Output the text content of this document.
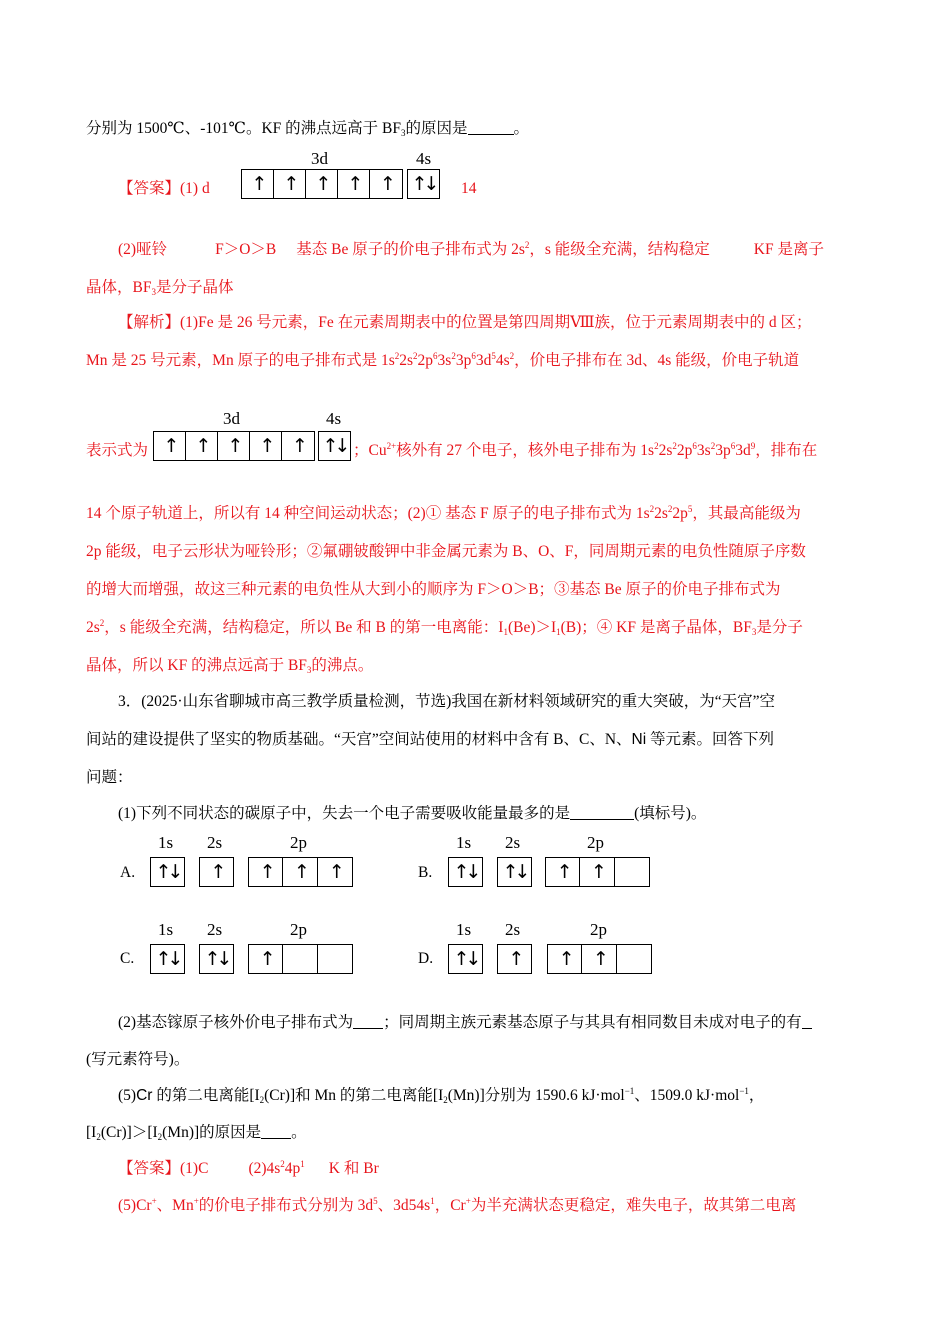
分别为 1500℃、-101℃。KF 的沸点远高于 $BF_3$的原因是	。
【答案】(1) d
3d	4s
↑	↑	↑	↑	↑	↑↓ 14
(2)哑铃	F＞O＞B 基态 Be 原子的价电子排布式为 $2s^2$，s 能级全充满，结构稳定	KF 是离子
晶体，$BF_3$是分子晶体
【解析】(1)Fe 是 26 号元素，Fe 在元素周期表中的位置是第四周期Ⅷ族，位于元素周期表中的 d 区；
Mn 是 25 号元素，Mn 原子的电子排布式是 $1s^22s^22p^63s^23p^63d^54s^2$，价电子排布在 3d、4s 能级，价电子轨道
3d	4s
表示式为 ↑	↑	↑	↑	↑ ↑↓ ；$Cu^{2+}$核外有 27 个电子，核外电子排布为 $1s^22s^22p^63s^23p^63d^9$，排布在
14 个原子轨道上，所以有 14 种空间运动状态；(2)① 基态 F 原子的电子排布式为 $1s^22s^22p^5$，其最高能级为
2p 能级，电子云形状为哑铃形；②氟硼铍酸钾中非金属元素为 B、O、F，同周期元素的电负性随原子序数
的增大而增强，故这三种元素的电负性从大到小的顺序为 F＞O＞B；③基态 Be 原子的价电子排布式为
$2s^2$，s 能级全充满，结构稳定，所以 Be 和 B 的第一电离能：$I_1(Be)>I_1(B)$；④ KF 是离子晶体，$BF_3$是分子
晶体，所以 KF 的沸点远高于 $BF_3$的沸点。
3．(2025·山东省聊城市高三教学质量检测，节选)我国在新材料领域研究的重大突破，为“天宫”空
间站的建设提供了坚实的物质基础。“天宫”空间站使用的材料中含有 B、C、N、Ni 等元素。回答下列
问题：
(1)下列不同状态的碳原子中，失去一个电子需要吸收能量最多的是	(填标号)。
1s 2s	2p
A. ↑↓	↑	↑	↑	↑
1s 2s	2p
B. ↑↓ ↑↓	↑	↑
1s 2s	2p
C. ↑↓ ↑↓	↑
1s 2s	2p
D. ↑↓	↑	↑	↑
(2)基态镓原子核外价电子排布式为 ；同周期主族元素基态原子与其具有相同数目未成对电子的有
(写元素符号)。
(5)Cr 的第二电离能$[I_2(Cr)]$和 Mn 的第二电离能$[I_2(Mn)]$分别为 1590.6 kJ·mol$^{-1}$、1509.0 kJ·mol$^{-1}$，
$[I_2(Cr)]>[I_2(Mn)]$的原因是 。
【答案】(1)C	$(2)4s^24p^1$ K 和 Br
(5)Cr+、Mn+的价电子排布式分别为 $3d^5$、$3d54s^1$，Cr+为半充满状态更稳定，难失电子，故其第二电离
